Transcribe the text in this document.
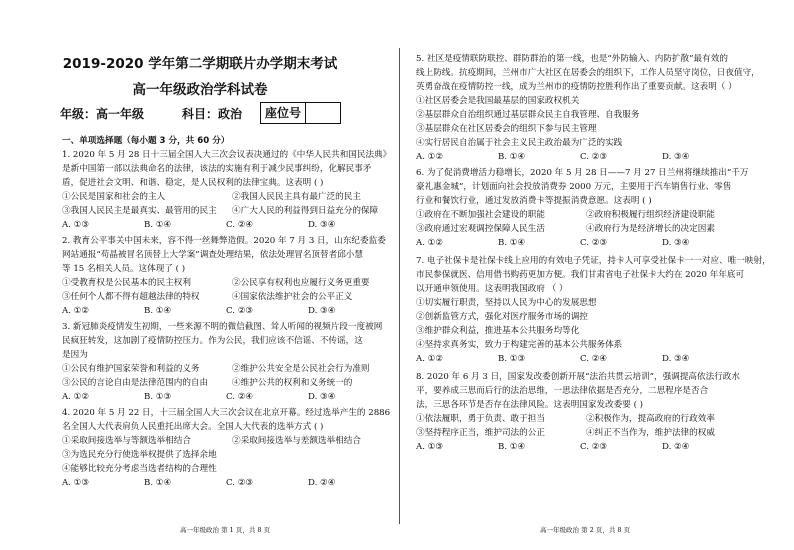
2019-2020 学年第二学期联片办学期末考试
高一年级政治学科试卷
年级：高一年级	科目：政治	座位号
一、单项选择题（每小题 3 分，共 60 分）
1. 2020 年 5 月 28 日十三届全国人大三次会议表决通过的《中华人民共和国民法典》
是新中国第一部以法典命名的法律，该法的实施有利于减少民事纠纷，化解民事矛
盾，促进社会文明、和谐、稳定，是人民权利的法律宝典。这表明 ( )
①公民是国家和社会的主人	②我国人民民主具有最广泛的民主
③我国人民民主是最真实、最管用的民主	④广大人民的利益得到日益充分的保障
A. ①③	B. ①④	C. ②④	D. ③④
2. 教育公平事关中国未来，容不得一丝舞弊造假。2020 年 7 月 3 日，山东纪委监委
网站通报“苟晶被冒名顶替上大学案”调查处理结果，依法处理冒名顶替者邱小慧
等 15 名相关人员。这体现了 ( )
①受教育权是公民基本的民主权利	②公民享有权利也应履行义务更重要
③任何个人都不得有超越法律的特权	④国家依法维护社会的公平正义
A. ①②	B. ①④	C. ②③	D. ③④
3. 新冠肺炎疫情发生初期，一些来源不明的微信截图、耸人听闻的视频片段一度被网
民疯狂转发，这加剧了疫情防控压力。作为公民，我们应该不信谣、不传谣，这
是因为
①公民有维护国家荣誉和利益的义务	②维护公共安全是公民社会行为准则
③公民的言论自由是法律范围内的自由	④维护公共的权利和义务统一的
A. ①②	B. ①③	C. ②④	D. ③④
4. 2020 年 5 月 22 日，十三届全国人大三次会议在北京开幕。经过选举产生的 2886
名全国人大代表肩负人民重托出席大会。全国人大代表的选举方式 ( )
①采取间接选举与等额选举相结合	②采取间接选举与差额选举相结合
③为选民充分行使选举权提供了选择余地
④能够比较充分考虑当选者结构的合理性
A. ①③	B. ①④	C. ②③	D. ②④
高一年级政治 第 1 页，共 8 页
5. 社区是疫情联防联控、群防群治的第一线，也是“外防输入、内防扩散”最有效的
线上防线。抗疫期间，兰州市广大社区在居委会的组织下，工作人员坚守岗位，日夜值守，
英勇奋战在疫情防控一线，成为兰州市的疫情防控胜利作出了重要贡献。这表明（ ）
①社区居委会是我国最基层的国家政权机关
②基层群众自治组织通过基层群众民主自我管理、自我服务
③基层群众在社区居委会的组织下参与民主管理
④实行居民自治属于社会主义民主政治最为广泛的实践
A. ①②	B. ①④	C. ②③	D. ③④
6. 为了促消费增活力稳增长，2020 年 5 月 28 日——7 月 27 日兰州将继续推出“千万
豪礼惠金城”，计划面向社会投放消费券 2000 万元，主要用于汽车销售行业、零售
行业和餐饮行业，通过发放消费卡等提振消费意愿。这表明 ( )
①政府在不断加强社会建设的职能	②政府积极履行组织经济建设职能
③政府通过宏观调控保障人民生活	④政府行为是经济增长的决定因素
A. ①②	B. ①④	C. ②③	D. ③④
7. 电子社保卡是社保卡线上应用的有效电子凭证，持卡人可享受社保卡一一对应、唯一映射，
市民参保就医、信用借书购药更加方便。我们甘肃省电子社保卡大约在 2020 年年底可
以开通申领使用。这表明我国政府 （ ）
①切实履行职责，坚持以人民为中心的发展思想
②创新监管方式，强化对医疗服务市场的调控
③维护群众利益，推进基本公共服务均等化
④坚持求真务实，致力于构建完善的基本公共服务体系
A. ①②	B. ①③	C. ②④	D. ③④
8. 2020 年 6 月 3 日，国家发改委创新开展“法治共贯云培训”，强调提高依法行政水
平，要养成三思而后行的法治思维，一思法律依据是否充分，二思程序是否合
法，三思各环节是否存在法律风险。这表明国家发改委要 ( )
①依法履职，勇于负责、敢于担当	②积极作为，提高政府的行政效率
③坚持程序正当，维护司法的公正	④纠正不当作为，维护法律的权威
A. ①③	B. ①④	C. ②③	D. ②④
高一年级政治 第 2 页，共 8 页
